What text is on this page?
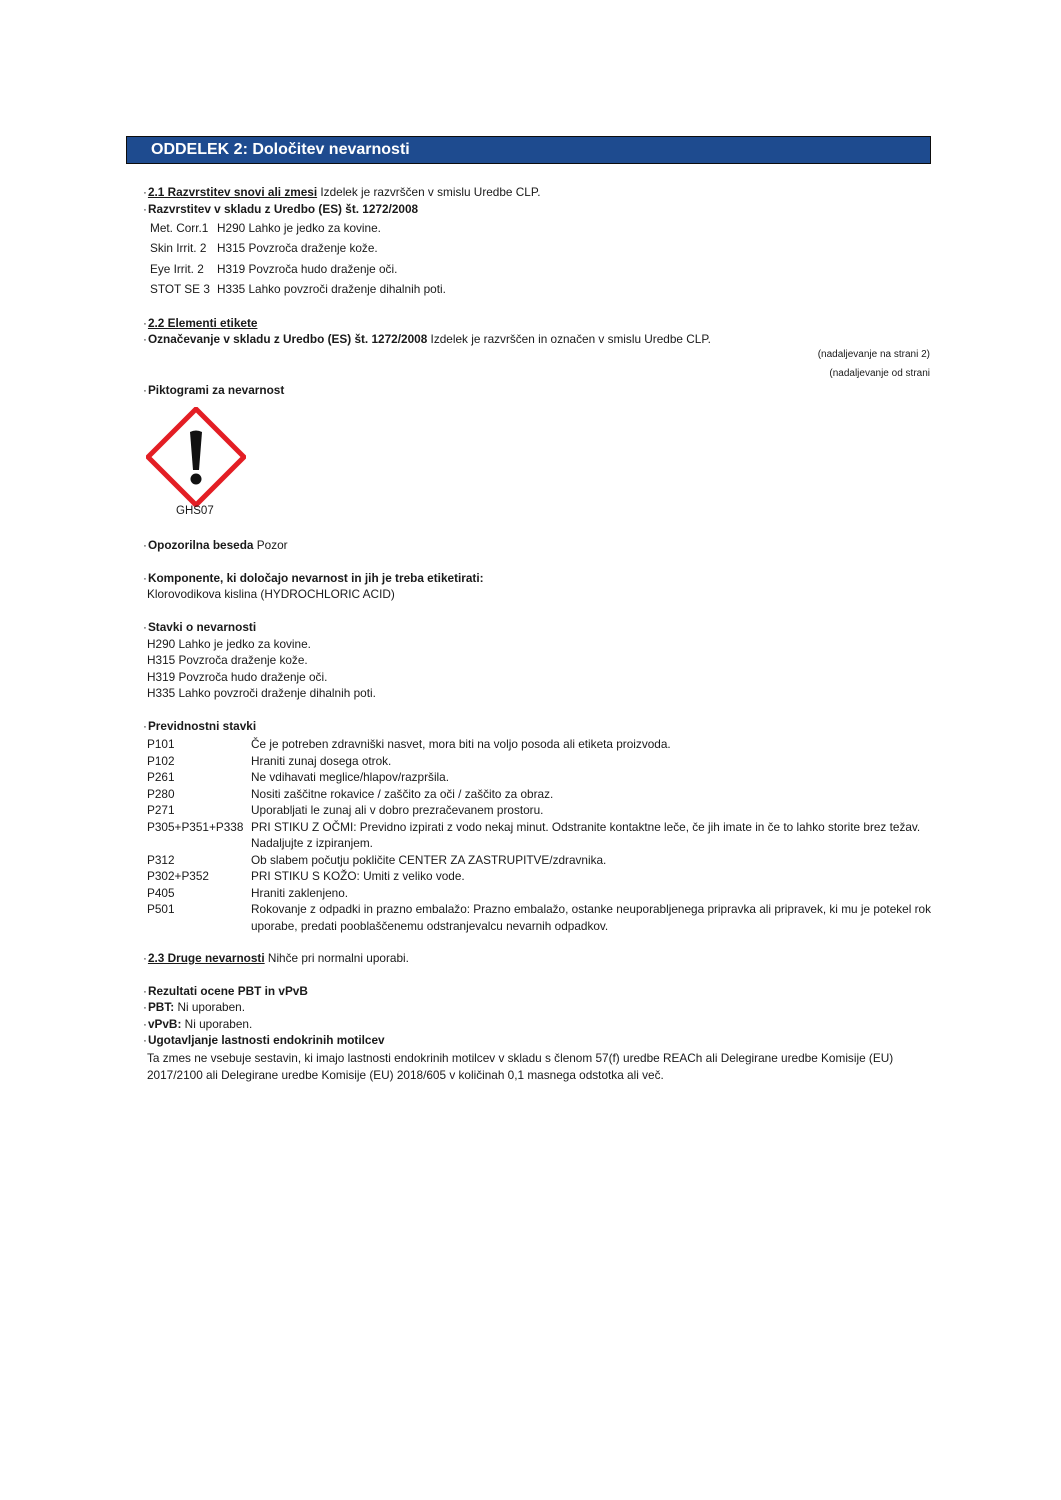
ODDELEK 2: Določitev nevarnosti
·2.1 Razvrstitev snovi ali zmesi Izdelek je razvrščen v smislu Uredbe CLP.
·Razvrstitev v skladu z Uredbo (ES) št. 1272/2008
Met. Corr.1 H290 Lahko je jedko za kovine.
Skin Irrit. 2 H315 Povzroča draženje kože.
Eye Irrit. 2	H319 Povzroča hudo draženje oči.
STOT SE 3 H335 Lahko povzroči draženje dihalnih poti.
·2.2 Elementi etikete
·Označevanje v skladu z Uredbo (ES) št. 1272/2008 Izdelek je razvrščen in označen v smislu Uredbe CLP.
(nadaljevanje na strani 2)
(nadaljevanje od strani
·Piktogrami za nevarnost
GHS07
·Opozorilna beseda Pozor
·Komponente, ki določajo nevarnost in jih je treba etiketirati:
Klorovodikova kislina (HYDROCHLORIC ACID)
·Stavki o nevarnosti
H290 Lahko je jedko za kovine.
H315 Povzroča draženje kože.
H319 Povzroča hudo draženje oči.
H335 Lahko povzroči draženje dihalnih poti.
·Previdnostni stavki
P101	Če je potreben zdravniški nasvet, mora biti na voljo posoda ali etiketa proizvoda.
P102	Hraniti zunaj dosega otrok.
P261	Ne vdihavati meglice/hlapov/razpršila.
P280	Nositi zaščitne rokavice / zaščito za oči / zaščito za obraz.
P271	Uporabljati le zunaj ali v dobro prezračevanem prostoru.
P305+P351+P338 PRI STIKU Z OČMI: Previdno izpirati z vodo nekaj minut. Odstranite kontaktne leče, če jih imate in če to lahko storite brez težav. Nadaljujte z izpiranjem.
P312	Ob slabem počutju pokličite CENTER ZA ZASTRUPITVE/zdravnika.
P302+P352	PRI STIKU S KOŽO: Umiti z veliko vode.
P405	Hraniti zaklenjeno.
P501	Rokovanje z odpadki in prazno embalažo: Prazno embalažo, ostanke neuporabljenega pripravka ali pripravek, ki mu je potekel rok uporabe, predati pooblaščenemu odstranjevalcu nevarnih odpadkov.
·2.3 Druge nevarnosti Nihče pri normalni uporabi.
·Rezultati ocene PBT in vPvB
·PBT: Ni uporaben.
·vPvB: Ni uporaben.
·Ugotavljanje lastnosti endokrinih motilcev
Ta zmes ne vsebuje sestavin, ki imajo lastnosti endokrinih motilcev v skladu s členom 57(f) uredbe REACh ali Delegirane uredbe Komisije (EU) 2017/2100 ali Delegirane uredbe Komisije (EU) 2018/605 v količinah 0,1 masnega odstotka ali več.
